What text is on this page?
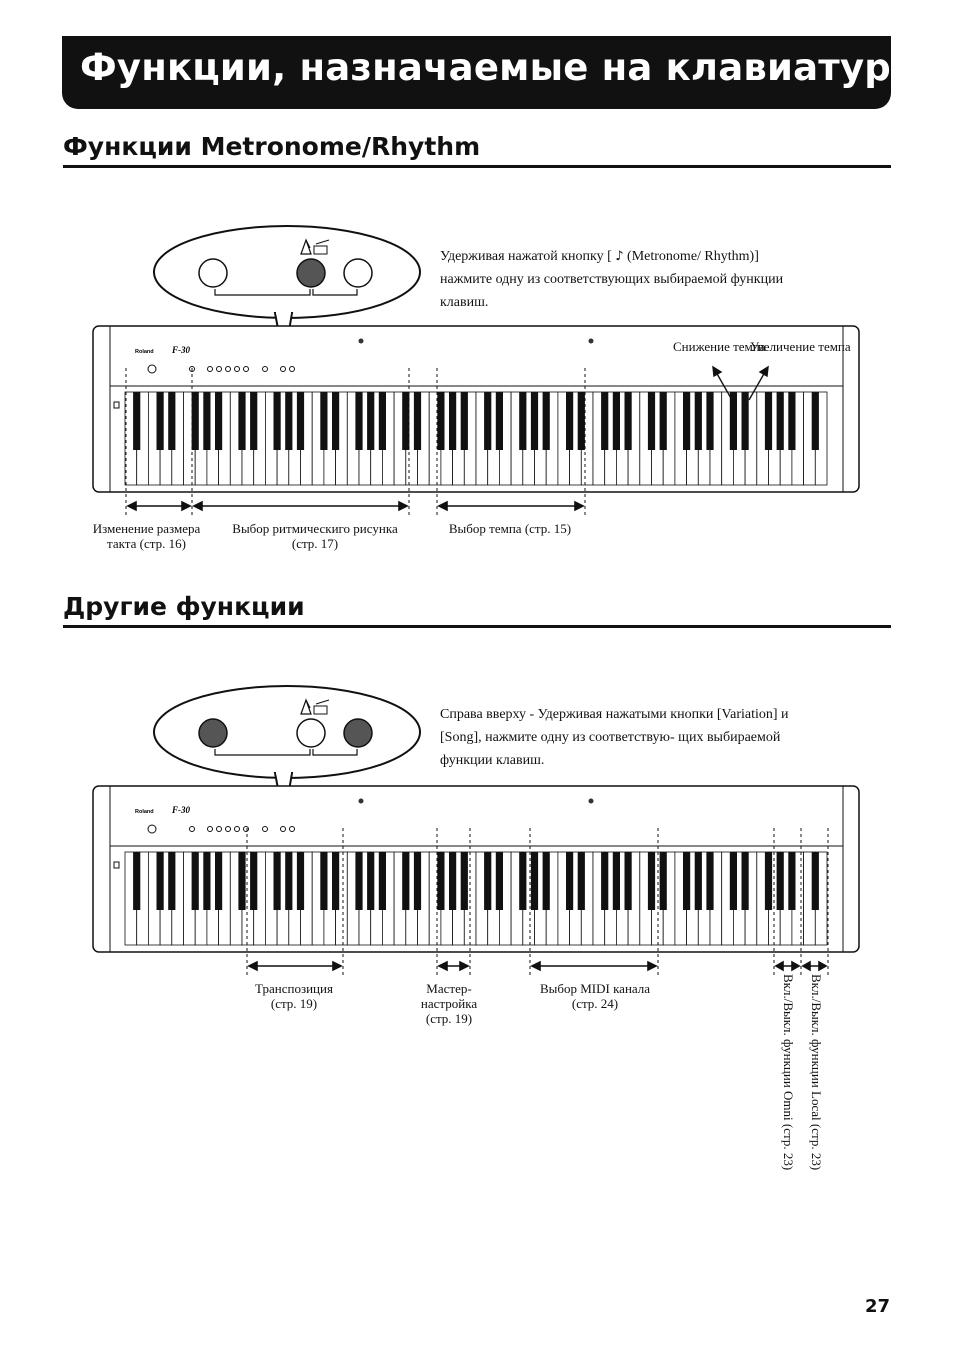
Функции, назначаемые на клавиатуру
Функции Metronome/Rhythm
Roland F-30
Удерживая нажатой кнопку [ ♪ (Metronome/ Rhythm)] нажмите одну из соответствующих выбираемой функции клавиш.
Снижение темпа
Увеличение темпа
Изменение размера такта (стр. 16)
Выбор ритмическиго рисунка (стр. 17)
Выбор темпа (стр. 15)
Другие функции
Roland F-30
Справа вверху - Удерживая нажатыми кнопки [Variation] и [Song], нажмите одну из соответствую- щих выбираемой функции клавиш.
Транспозиция (стр. 19)
Мастер- настройка (стр. 19)
Выбор MIDI канала (стр. 24)	Вкл./Выкл. функции Omni (стр. 23) Вкл./Выкл. функции Local (стр. 23)
27
